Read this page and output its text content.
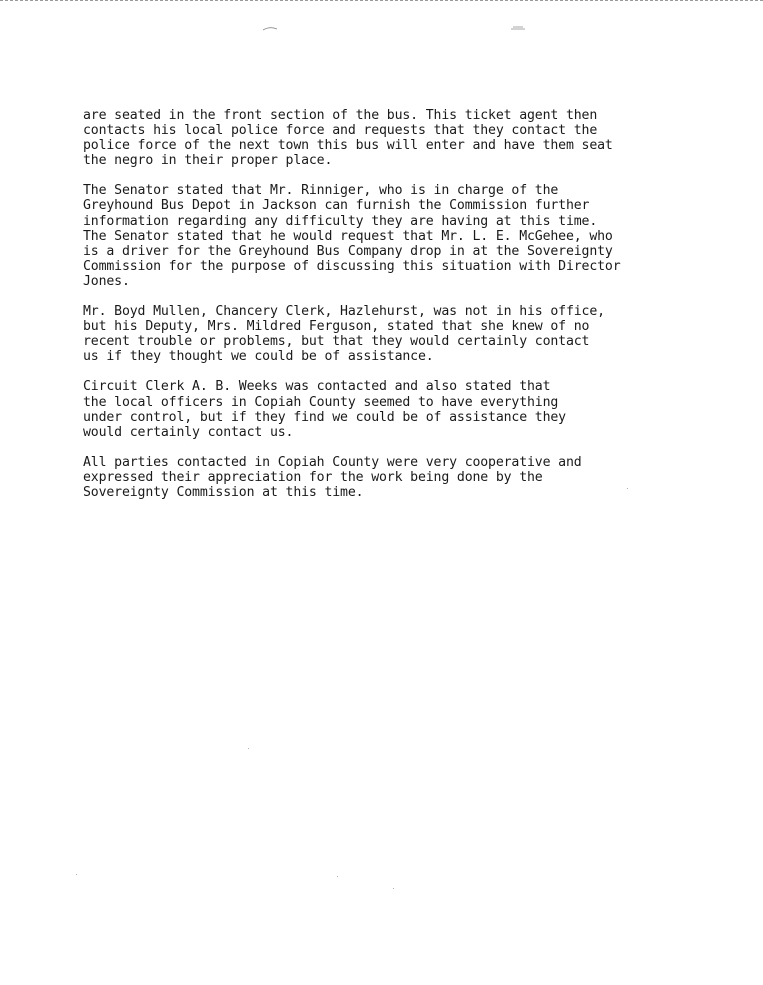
are seated in the front section of the bus. This ticket agent then
contacts his local police force and requests that they contact the
police force of the next town this bus will enter and have them seat
the negro in their proper place.

The Senator stated that Mr. Rinniger, who is in charge of the
Greyhound Bus Depot in Jackson can furnish the Commission further
information regarding any difficulty they are having at this time.
The Senator stated that he would request that Mr. L. E. McGehee, who
is a driver for the Greyhound Bus Company drop in at the Sovereignty
Commission for the purpose of discussing this situation with Director
Jones.

Mr. Boyd Mullen, Chancery Clerk, Hazlehurst, was not in his office,
but his Deputy, Mrs. Mildred Ferguson, stated that she knew of no
recent trouble or problems, but that they would certainly contact
us if they thought we could be of assistance.

Circuit Clerk A. B. Weeks was contacted and also stated that
the local officers in Copiah County seemed to have everything
under control, but if they find we could be of assistance they
would certainly contact us.

All parties contacted in Copiah County were very cooperative and
expressed their appreciation for the work being done by the
Sovereignty Commission at this time.
